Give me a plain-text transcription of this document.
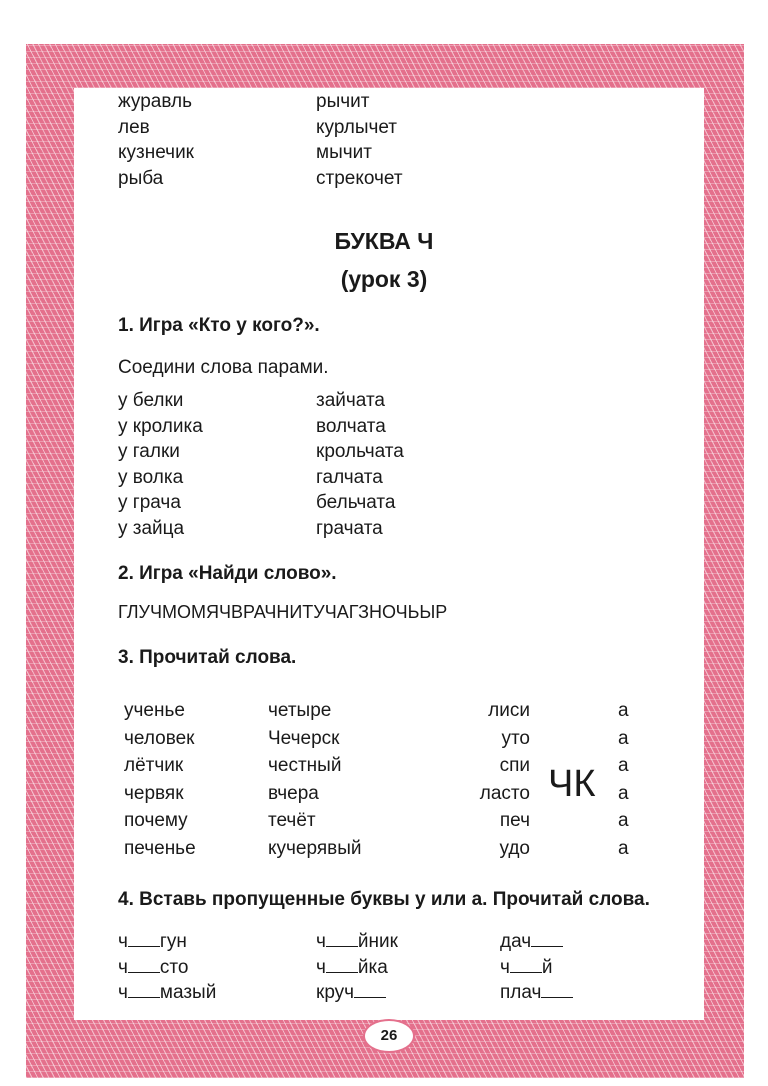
журавль
лев
кузнечик
рыба
рычит
курлычет
мычит
стрекочет
БУКВА Ч
(урок 3)
1. Игра «Кто у кого?».
Соедини слова парами.
у белки
у кролика
у галки
у волка
у грача
у зайца
зайчата
волчата
крольчата
галчата
бельчата
грачата
2. Игра «Найди слово».
ГЛУЧМОМЯЧВРАЧНИТУЧАГЗНОЧЬЫР
3. Прочитай слова.
ученье
человек
лётчик
червяк
почему
печенье
четыре
Чечерск
честный
вчера
течёт
кучерявый
лиси
уто
спи
ласто
печ
удо
ЧК
а
а
а
а
а
а
4. Вставь пропущенные буквы у или а. Прочитай слова.
ч гун
ч сто
ч мазый
ч йник
ч йка
круч
дач
ч й
плач
26
